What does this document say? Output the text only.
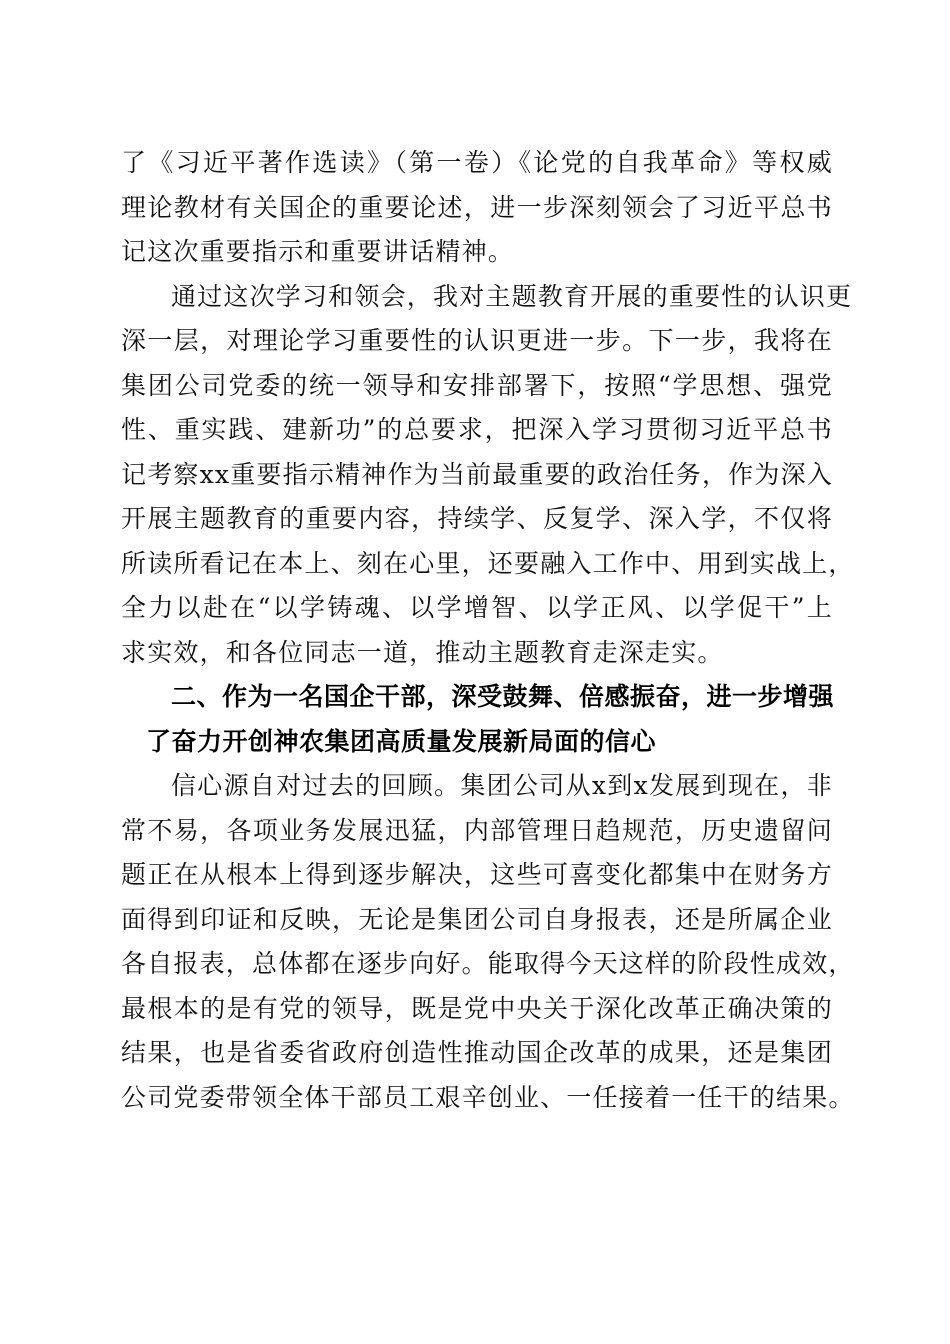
了《习近平著作选读》（第一卷）《论党的自我革命》等权威
理论教材有关国企的重要论述，进一步深刻领会了习近平总书
记这次重要指示和重要讲话精神。

通过这次学习和领会，我对主题教育开展的重要性的认识更
深一层，对理论学习重要性的认识更进一步。下一步，我将在
集团公司党委的统一领导和安排部署下，按照“学思想、强党
性、重实践、建新功”的总要求，把深入学习贯彻习近平总书
记考察xx重要指示精神作为当前最重要的政治任务，作为深入
开展主题教育的重要内容，持续学、反复学、深入学，不仅将
所读所看记在本上、刻在心里，还要融入工作中、用到实战上，
全力以赴在“以学铸魂、以学增智、以学正风、以学促干”上
求实效，和各位同志一道，推动主题教育走深走实。

二、作为一名国企干部，深受鼓舞、倍感振奋，进一步增强
了奋力开创神农集团高质量发展新局面的信心

信心源自对过去的回顾。集团公司从x到x发展到现在，非
常不易，各项业务发展迅猛，内部管理日趋规范，历史遗留问
题正在从根本上得到逐步解决，这些可喜变化都集中在财务方
面得到印证和反映，无论是集团公司自身报表，还是所属企业
各自报表，总体都在逐步向好。能取得今天这样的阶段性成效，
最根本的是有党的领导，既是党中央关于深化改革正确决策的
结果，也是省委省政府创造性推动国企改革的成果，还是集团
公司党委带领全体干部员工艰辛创业、一任接着一任干的结果。
